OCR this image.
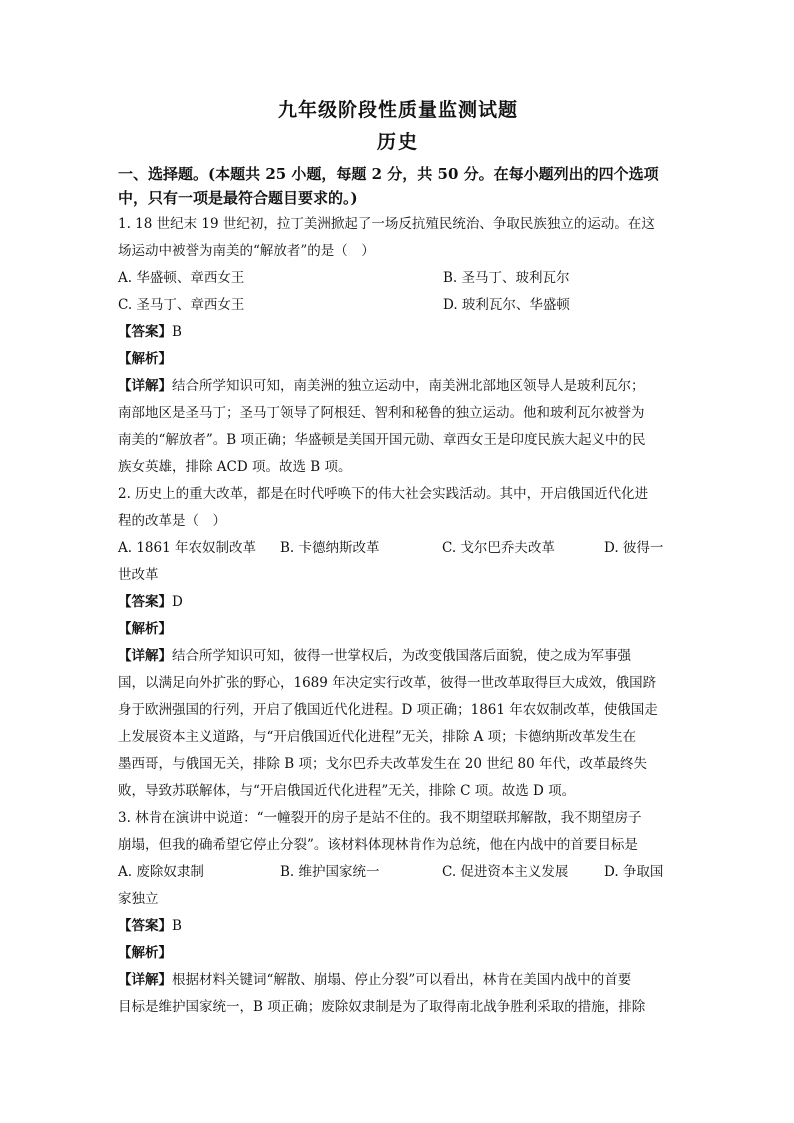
九年级阶段性质量监测试题
历史
一、选择题。(本题共 25 小题，每题 2 分，共 50 分。在每小题列出的四个选项
中，只有一项是最符合题目要求的。)
1. 18 世纪末 19 世纪初，拉丁美洲掀起了一场反抗殖民统治、争取民族独立的运动。在这
场运动中被誉为南美的“解放者”的是（　）
A. 华盛顿、章西女王	B. 圣马丁、玻利瓦尔
C. 圣马丁、章西女王	D. 玻利瓦尔、华盛顿
【答案】B
【解析】
【详解】结合所学知识可知，南美洲的独立运动中，南美洲北部地区领导人是玻利瓦尔；
南部地区是圣马丁；圣马丁领导了阿根廷、智利和秘鲁的独立运动。他和玻利瓦尔被誉为
南美的“解放者”。B 项正确；华盛顿是美国开国元勋、章西女王是印度民族大起义中的民
族女英雄，排除 ACD 项。故选 B 项。
2. 历史上的重大改革，都是在时代呼唤下的伟大社会实践活动。其中，开启俄国近代化进
程的改革是（　）
A. 1861 年农奴制改革	B. 卡德纳斯改革	C. 戈尔巴乔夫改革	D. 彼得一
世改革
【答案】D
【解析】
【详解】结合所学知识可知，彼得一世掌权后，为改变俄国落后面貌，使之成为军事强
国，以满足向外扩张的野心，1689 年决定实行改革，彼得一世改革取得巨大成效，俄国跻
身于欧洲强国的行列，开启了俄国近代化进程。D 项正确；1861 年农奴制改革，使俄国走
上发展资本主义道路，与“开启俄国近代化进程”无关，排除 A 项；卡德纳斯改革发生在
墨西哥，与俄国无关，排除 B 项；戈尔巴乔夫改革发生在 20 世纪 80 年代，改革最终失
败，导致苏联解体，与“开启俄国近代化进程”无关，排除 C 项。故选 D 项。
3. 林肯在演讲中说道：“一幢裂开的房子是站不住的。我不期望联邦解散，我不期望房子
崩塌，但我的确希望它停止分裂”。该材料体现林肯作为总统，他在内战中的首要目标是
A. 废除奴隶制	B. 维护国家统一	C. 促进资本主义发展	D. 争取国
家独立
【答案】B
【解析】
【详解】根据材料关键词“解散、崩塌、停止分裂”可以看出，林肯在美国内战中的首要
目标是维护国家统一，B 项正确；废除奴隶制是为了取得南北战争胜利采取的措施，排除
